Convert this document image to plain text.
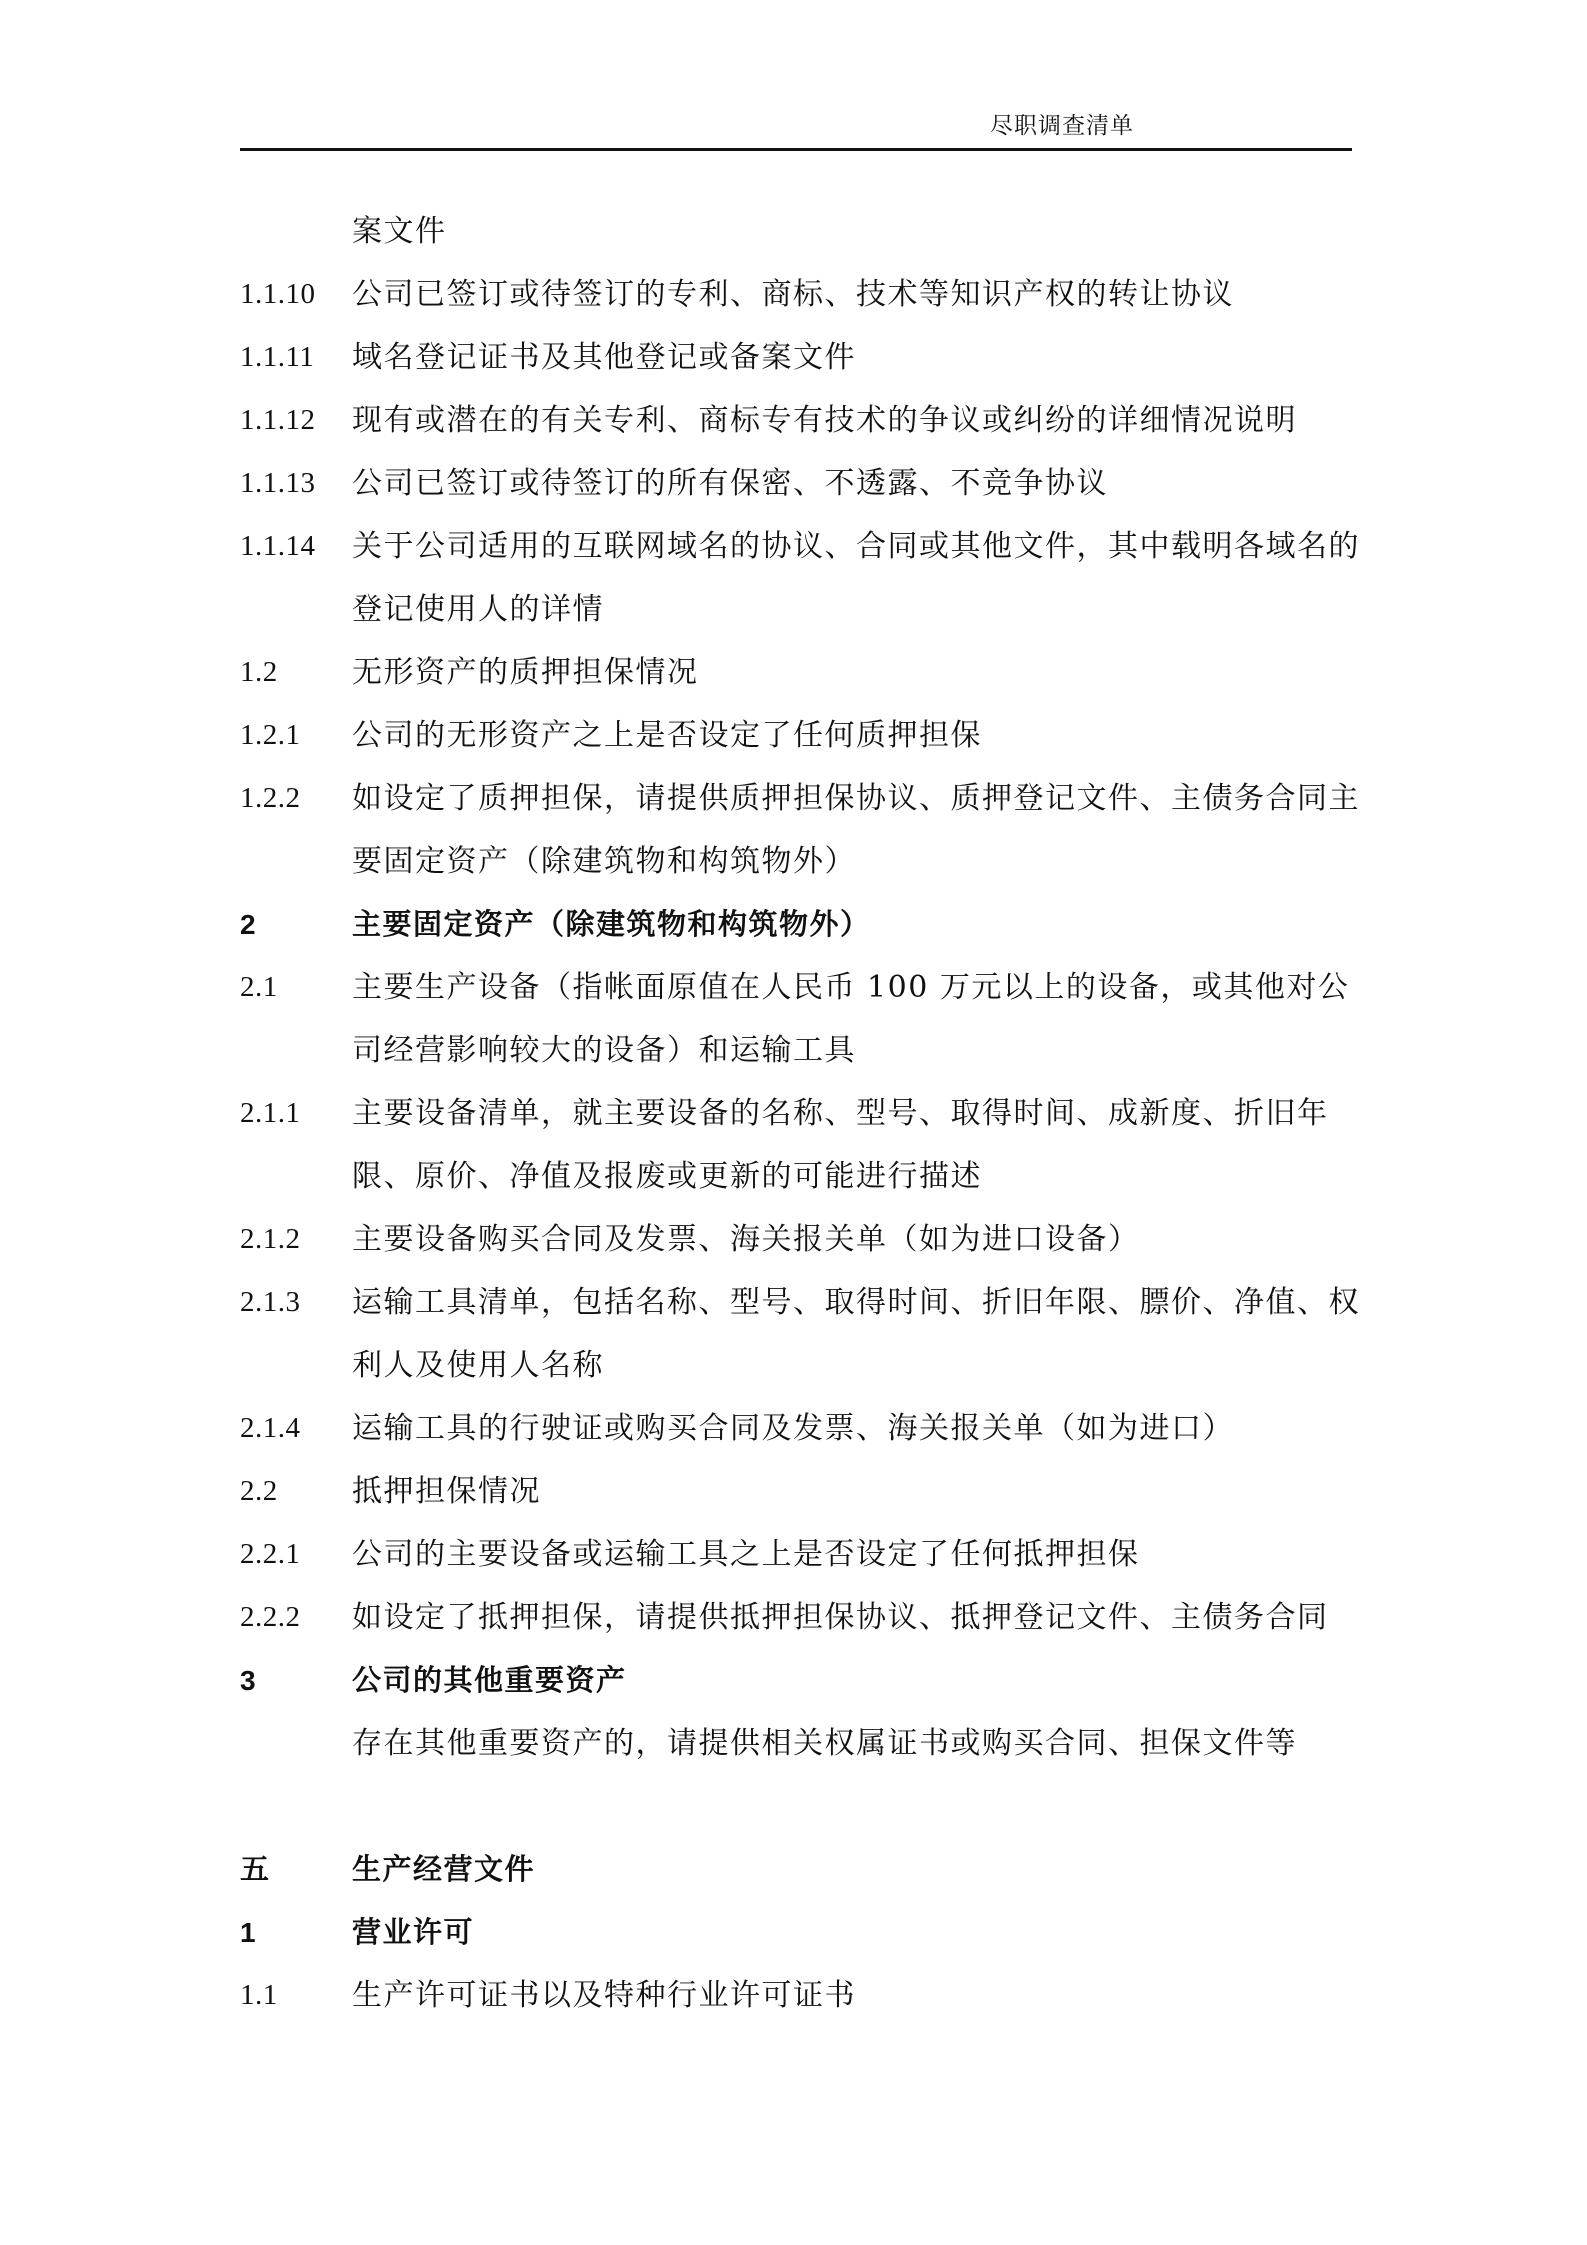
尽职调查清单
案文件
1.1.10	公司已签订或待签订的专利、商标、技术等知识产权的转让协议
1.1.11	域名登记证书及其他登记或备案文件
1.1.12	现有或潜在的有关专利、商标专有技术的争议或纠纷的详细情况说明
1.1.13	公司已签订或待签订的所有保密、不透露、不竞争协议
1.1.14	关于公司适用的互联网域名的协议、合同或其他文件，其中载明各域名的登记使用人的详情
1.2	无形资产的质押担保情况
1.2.1	公司的无形资产之上是否设定了任何质押担保
1.2.2	如设定了质押担保，请提供质押担保协议、质押登记文件、主债务合同主要固定资产（除建筑物和构筑物外）
2	主要固定资产（除建筑物和构筑物外）
2.1	主要生产设备（指帐面原值在人民币 100 万元以上的设备，或其他对公司经营影响较大的设备）和运输工具
2.1.1	主要设备清单，就主要设备的名称、型号、取得时间、成新度、折旧年限、原价、净值及报废或更新的可能进行描述
2.1.2	主要设备购买合同及发票、海关报关单（如为进口设备）
2.1.3	运输工具清单，包括名称、型号、取得时间、折旧年限、膘价、净值、权利人及使用人名称
2.1.4	运输工具的行驶证或购买合同及发票、海关报关单（如为进口）
2.2	抵押担保情况
2.2.1	公司的主要设备或运输工具之上是否设定了任何抵押担保
2.2.2	如设定了抵押担保，请提供抵押担保协议、抵押登记文件、主债务合同
3	公司的其他重要资产
存在其他重要资产的，请提供相关权属证书或购买合同、担保文件等
五	生产经营文件
1	营业许可
1.1	生产许可证书以及特种行业许可证书
